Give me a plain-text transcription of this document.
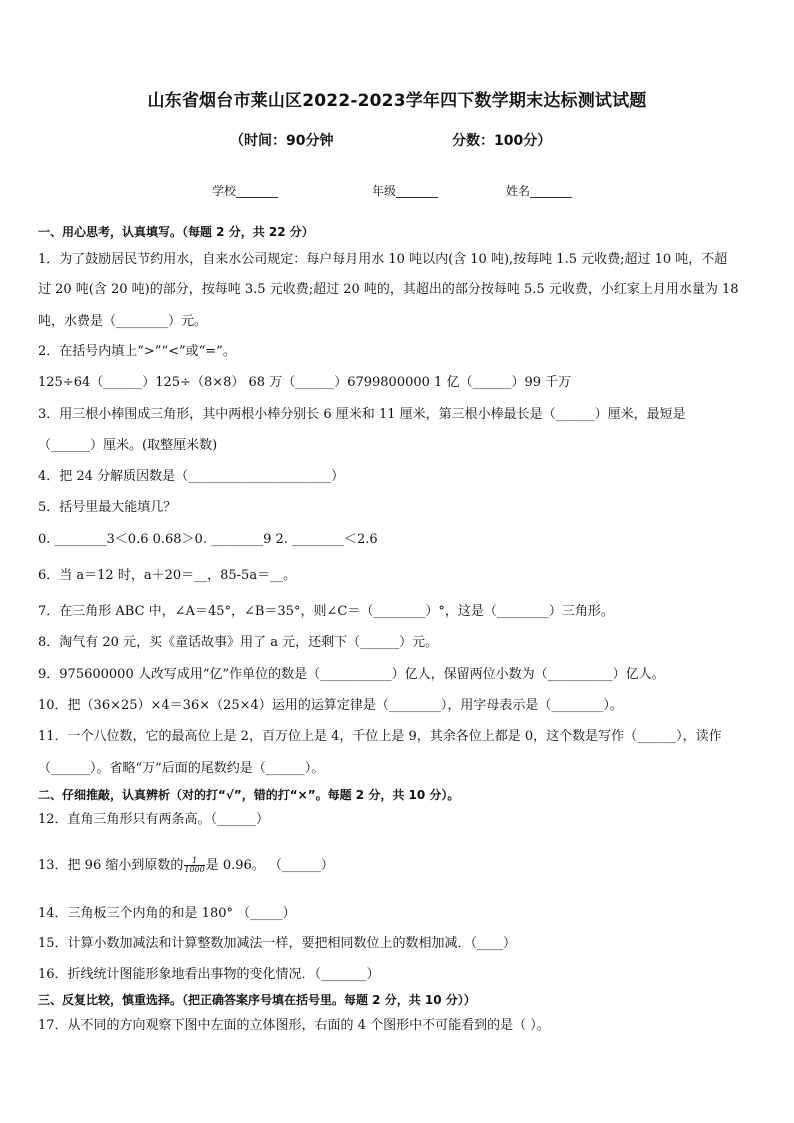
山东省烟台市莱山区2022-2023学年四下数学期末达标测试试题
（时间：90分钟	分数：100分）
学校_______	年级_______	姓名_______
一、用心思考，认真填写。（每题 2 分，共 22 分）
1．为了鼓励居民节约用水，自来水公司规定：每户每月用水 10 吨以内(含 10 吨),按每吨 1.5 元收费;超过 10 吨，不超
过 20 吨(含 20 吨)的部分，按每吨 3.5 元收费;超过 20 吨的，其超出的部分按每吨 5.5 元收费，小红家上月用水量为 18
吨，水费是（________）元。
2．在括号内填上“>”“<”或“=”。
125÷64（______）125÷（8×8） 68 万（______）6799800000 1 亿（______）99 千万
3．用三根小棒围成三角形，其中两根小棒分别长 6 厘米和 11 厘米，第三根小棒最长是（______）厘米，最短是
（______）厘米。(取整厘米数)
4．把 24 分解质因数是（______________________）
5．括号里最大能填几？
0. ________3＜0.6 0.68＞0. ________9 2. ________＜2.6
6．当 a＝12 时，a＋20＝__，85-5a＝__。
7．在三角形 ABC 中，∠A＝45°，∠B＝35°，则∠C＝（________）°，这是（________）三角形。
8．淘气有 20 元，买《童话故事》用了 a 元，还剩下（______）元。
9．975600000 人改写成用“亿”作单位的数是（___________）亿人，保留两位小数为（__________）亿人。
10．把（36×25）×4＝36×（25×4）运用的运算定律是（________），用字母表示是（________）。
11．一个八位数，它的最高位上是 2，百万位上是 4，千位上是 9，其余各位上都是 0，这个数是写作（______），读作
（______）。省略“万”后面的尾数约是（______）。
二、仔细推敲，认真辨析（对的打“√”，错的打“×”。每题 2 分，共 10 分）。
12．直角三角形只有两条高。（______）
13．把 96 缩小到原数的 $\frac{1}{1000}$ 是 0.96。 （______）
14．三角板三个内角的和是 180° （_____）
15．计算小数加减法和计算整数加减法一样，要把相同数位上的数相加减．（____）
16．折线统计图能形象地看出事物的变化情况．（_______）
三、反复比较，慎重选择。（把正确答案序号填在括号里。每题 2 分，共 10 分））
17．从不同的方向观察下图中左面的立体图形，右面的 4 个图形中不可能看到的是（ ）。
